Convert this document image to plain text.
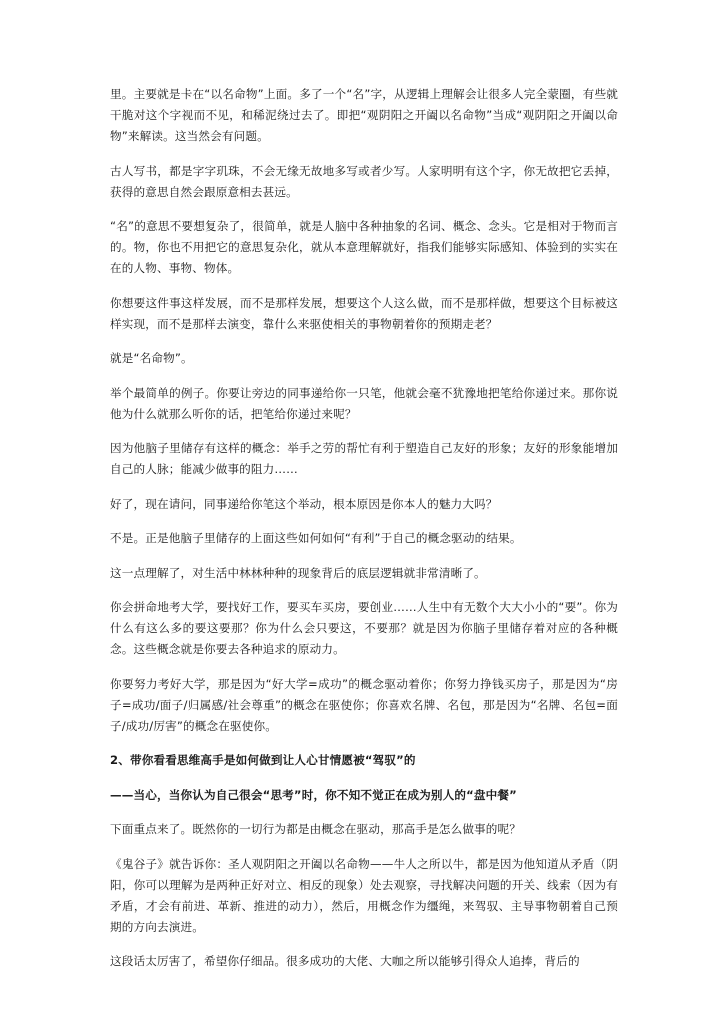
里。主要就是卡在“以名命物”上面。多了一个“名”字，从逻辑上理解会让很多人完全蒙圈，有些就干脆对这个字视而不见，和稀泥绕过去了。即把“观阴阳之开阖以名命物”当成“观阴阳之开阖以命物”来解读。这当然会有问题。

古人写书，都是字字玑珠，不会无缘无故地多写或者少写。人家明明有这个字，你无故把它丢掉，获得的意思自然会跟原意相去甚远。

“名”的意思不要想复杂了，很简单，就是人脑中各种抽象的名词、概念、念头。它是相对于物而言的。物，你也不用把它的意思复杂化，就从本意理解就好，指我们能够实际感知、体验到的实实在在的人物、事物、物体。

你想要这件事这样发展，而不是那样发展，想要这个人这么做，而不是那样做，想要这个目标被这样实现，而不是那样去演变，靠什么来驱使相关的事物朝着你的预期走老？

就是“名命物”。

举个最简单的例子。你要让旁边的同事递给你一只笔，他就会毫不犹豫地把笔给你递过来。那你说他为什么就那么听你的话，把笔给你递过来呢？

因为他脑子里储存有这样的概念：举手之劳的帮忙有利于塑造自己友好的形象；友好的形象能增加自己的人脉；能减少做事的阻力……

好了，现在请问，同事递给你笔这个举动，根本原因是你本人的魅力大吗？

不是。正是他脑子里储存的上面这些如何如何“有利”于自己的概念驱动的结果。

这一点理解了，对生活中林林种种的现象背后的底层逻辑就非常清晰了。

你会拼命地考大学，要找好工作，要买车买房，要创业……人生中有无数个大大小小的“要”。你为什么有这么多的要这要那？你为什么会只要这，不要那？就是因为你脑子里储存着对应的各种概念。这些概念就是你要去各种追求的原动力。

你要努力考好大学，那是因为“好大学=成功”的概念驱动着你；你努力挣钱买房子，那是因为“房子=成功/面子/归属感/社会尊重”的概念在驱使你；你喜欢名牌、名包，那是因为“名牌、名包=面子/成功/厉害”的概念在驱使你。

2、带你看看思维高手是如何做到让人心甘情愿被“驾驭”的

——当心，当你认为自己很会“思考”时，你不知不觉正在成为别人的“盘中餐”

下面重点来了。既然你的一切行为都是由概念在驱动，那高手是怎么做事的呢？

《鬼谷子》就告诉你：圣人观阴阳之开阖以名命物——牛人之所以牛，都是因为他知道从矛盾（阴阳，你可以理解为是两种正好对立、相反的现象）处去观察，寻找解决问题的开关、线索（因为有矛盾，才会有前进、革新、推进的动力），然后，用概念作为缰绳，来驾驭、主导事物朝着自己预期的方向去演进。

这段话太厉害了，希望你仔细品。很多成功的大佬、大咖之所以能够引得众人追捧，背后的
